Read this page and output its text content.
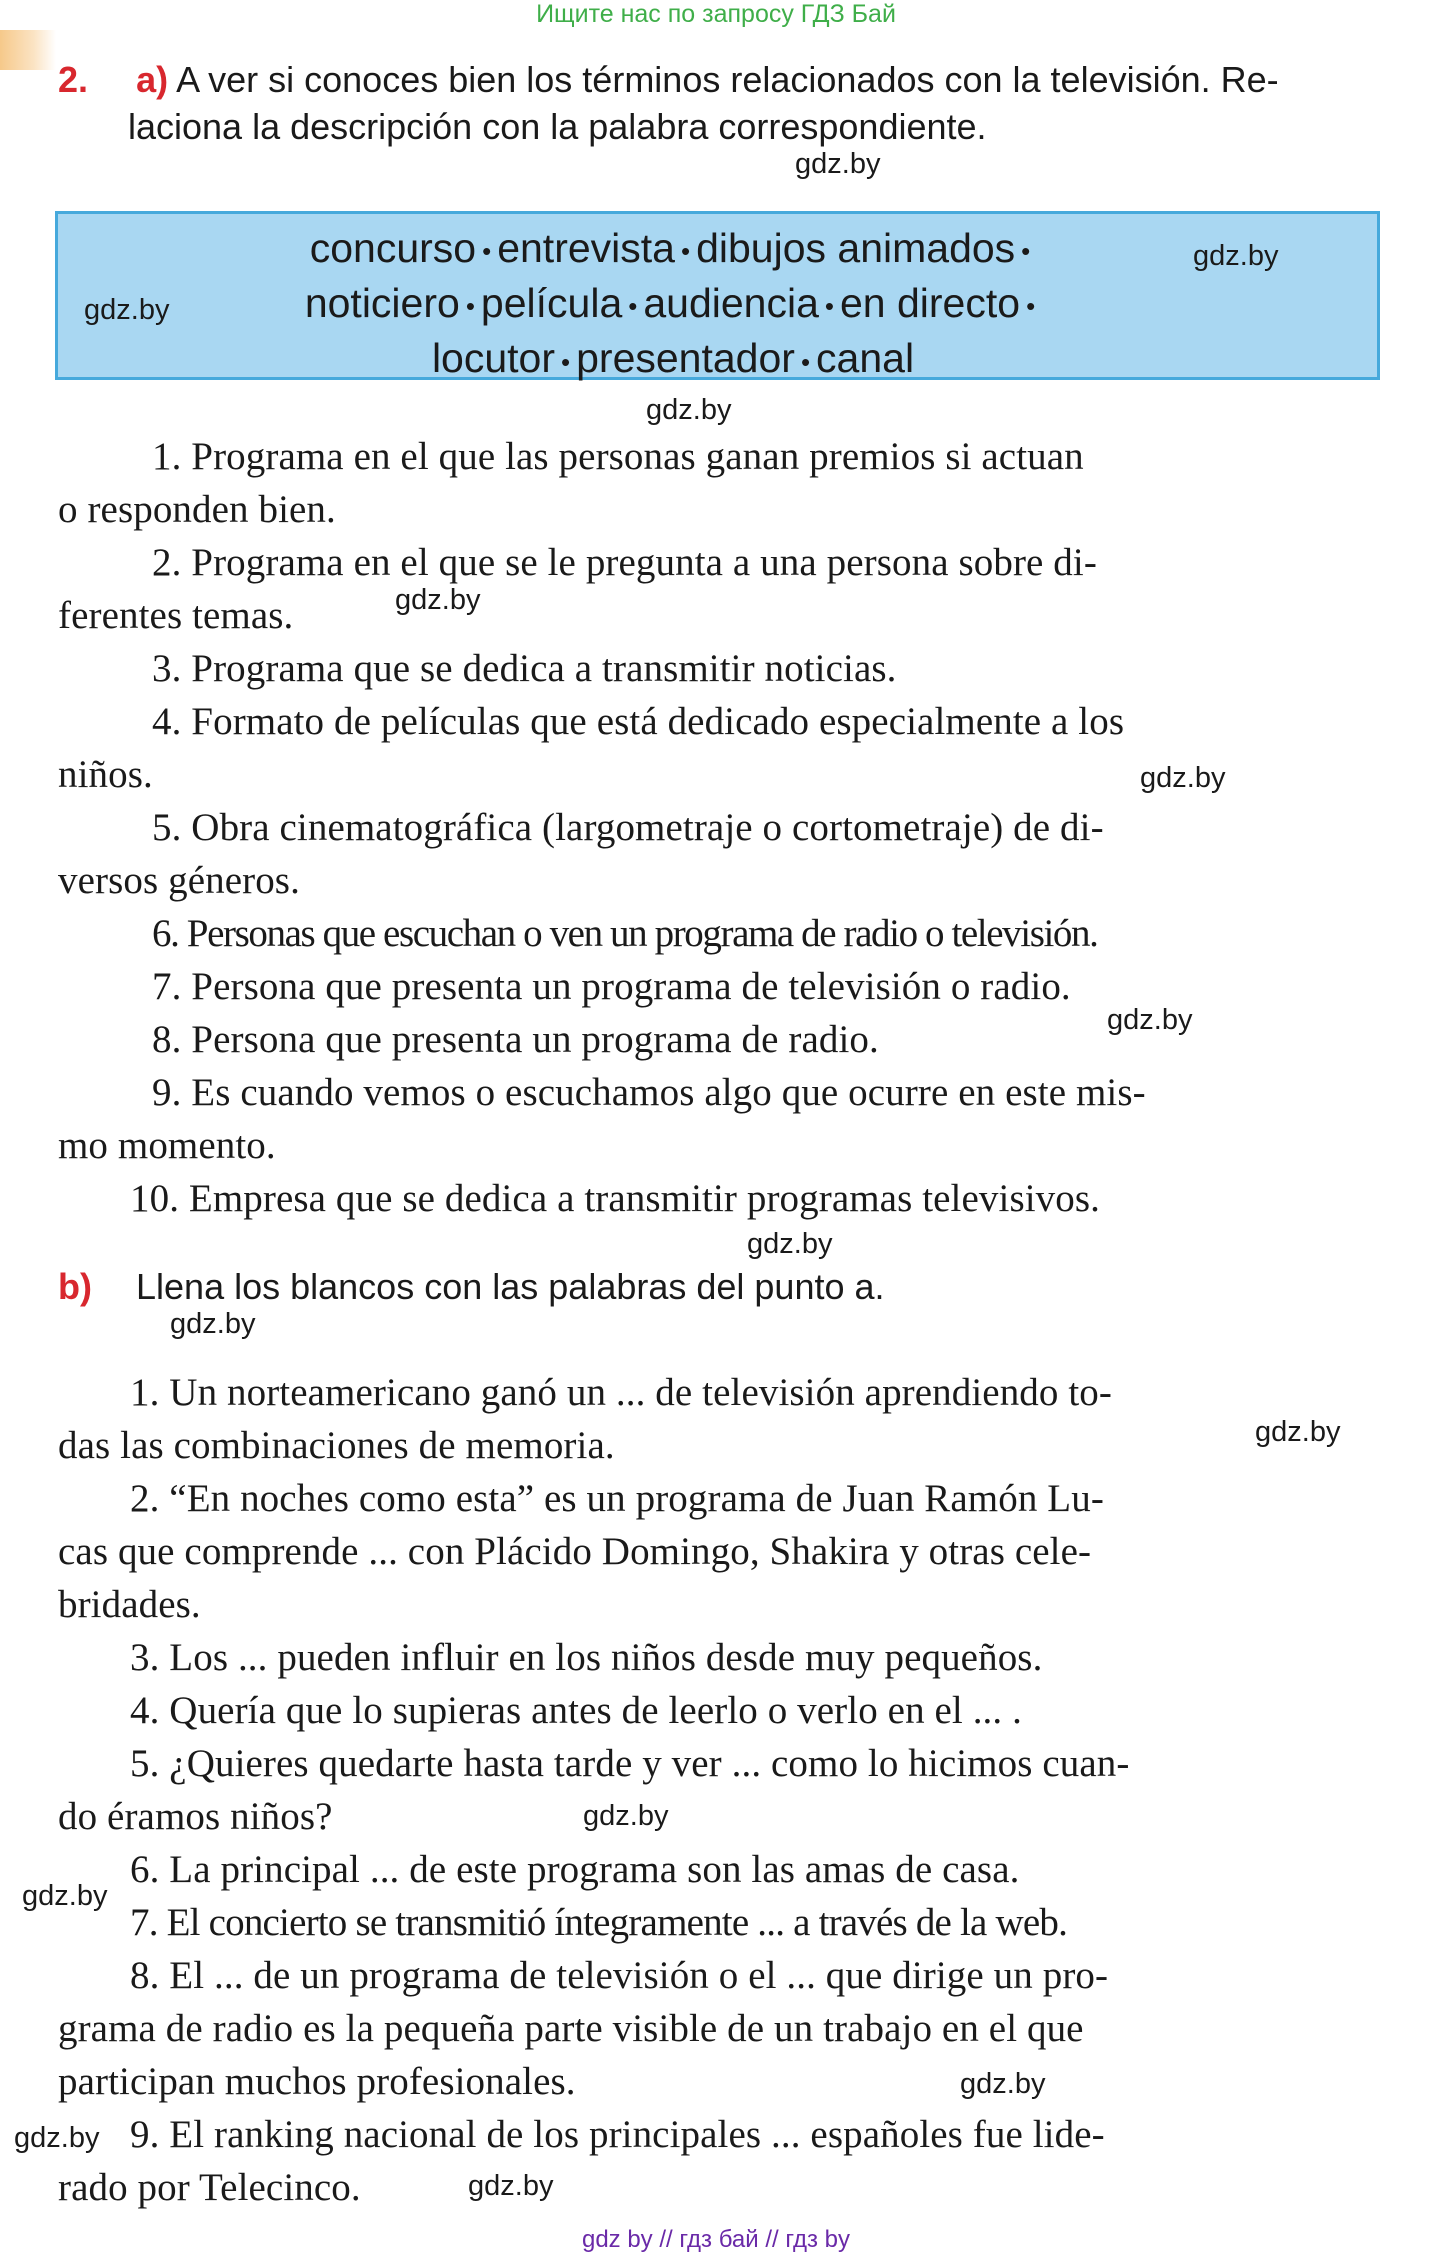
Ищите нас по запросу ГДЗ Бай
2. a) A ver si conoces bien los términos relacionados con la televisión. Re-
laciona la descripción con la palabra correspondiente.
concurso • entrevista • dibujos animados •
noticiero • película • audiencia • en directo •
locutor • presentador • canal
gdz.by
gdz.by
1. Programa en el que las personas ganan premios si actuan
o responden bien.
2. Programa en el que se le pregunta a una persona sobre di-
ferentes temas.
3. Programa que se dedica a transmitir noticias.
4. Formato de películas que está dedicado especialmente a los
niños.
5. Obra cinematográfica (largometraje o cortometraje) de di-
versos géneros.
6. Personas que escuchan o ven un programa de radio o televisión.
7. Persona que presenta un programa de televisión o radio.
8. Persona que presenta un programa de radio.
9. Es cuando vemos o escuchamos algo que ocurre en este mis-
mo momento.
10. Empresa que se dedica a transmitir programas televisivos.
b) Llena los blancos con las palabras del punto a.
1. Un norteamericano ganó un ... de televisión aprendiendo to-
das las combinaciones de memoria.
2. “En noches como esta” es un programa de Juan Ramón Lu-
cas que comprende ... con Plácido Domingo, Shakira y otras cele-
bridades.
3. Los ... pueden influir en los niños desde muy pequeños.
4. Quería que lo supieras antes de leerlo o verlo en el ... .
5. ¿Quieres quedarte hasta tarde y ver ... como lo hicimos cuan-
do éramos niños?
6. La principal ... de este programa son las amas de casa.
7. El concierto se transmitió íntegramente ... a través de la web.
8. El ... de un programa de televisión o el ... que dirige un pro-
grama de radio es la pequeña parte visible de un trabajo en el que
participan muchos profesionales.
9. El ranking nacional de los principales ... españoles fue lide-
rado por Telecinco.
gdz.by
gdz.by
gdz.by
gdz.by
gdz.by
gdz.by
gdz.by
gdz.by
gdz.by
gdz.by
gdz.by
gdz.by
gdz.by
gdz by // гдз бай // гдз by
